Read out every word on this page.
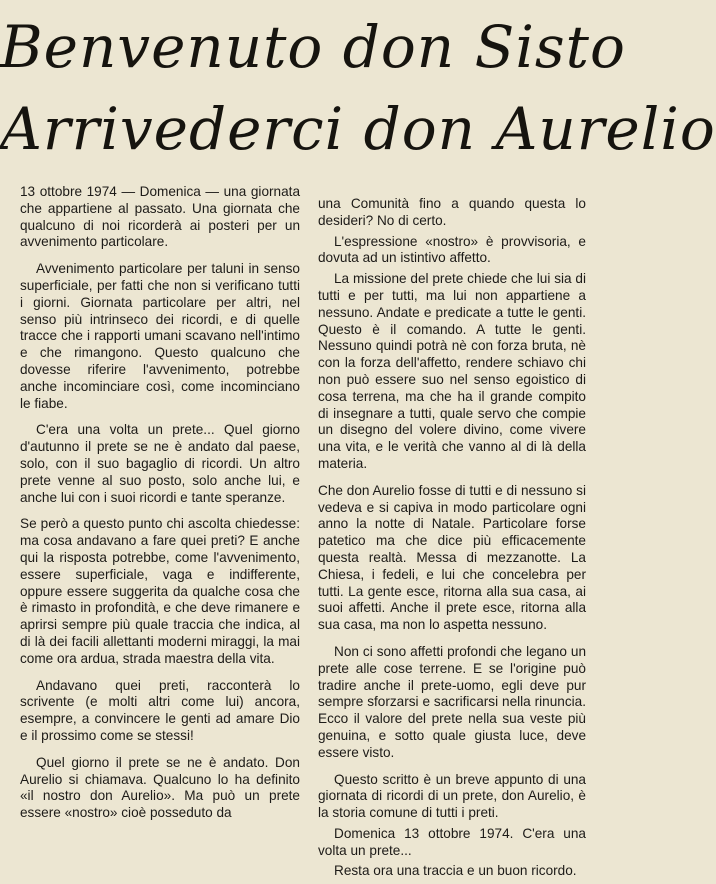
Benvenuto don Sisto
Arrivederci don Aurelio

13 ottobre 1974 — Domenica — una giornata che appartiene al passato. Una giornata che qualcuno di noi ricorderà ai posteri per un avvenimento particolare.

Avvenimento particolare per taluni in senso superficiale, per fatti che non si verificano tutti i giorni. Giornata particolare per altri, nel senso più intrinseco dei ricordi, e di quelle tracce che i rapporti umani scavano nell'intimo e che rimangono. Questo qualcuno che dovesse riferire l'avvenimento, potrebbe anche incominciare così, come incominciano le fiabe.

C'era una volta un prete... Quel giorno d'autunno il prete se ne è andato dal paese, solo, con il suo bagaglio di ricordi. Un altro prete venne al suo posto, solo anche lui, e anche lui con i suoi ricordi e tante speranze.

Se però a questo punto chi ascolta chiedesse: ma cosa andavano a fare quei preti? E anche qui la risposta potrebbe, come l'avvenimento, essere superficiale, vaga e indifferente, oppure essere suggerita da qualche cosa che è rimasto in profondità, e che deve rimanere e aprirsi sempre più quale traccia che indica, al di là dei facili allettanti moderni miraggi, la mai come ora ardua, strada maestra della vita.

Andavano quei preti, racconterà lo scrivente (e molti altri come lui) ancora, esempre, a convincere le genti ad amare Dio e il prossimo come se stessi!

Quel giorno il prete se ne è andato. Don Aurelio si chiamava. Qualcuno lo ha definito «il nostro don Aurelio». Ma può un prete essere «nostro» cioè posseduto da

una Comunità fino a quando questa lo desideri? No di certo.

L'espressione «nostro» è provvisoria, e dovuta ad un istintivo affetto.

La missione del prete chiede che lui sia di tutti e per tutti, ma lui non appartiene a nessuno. Andate e predicate a tutte le genti. Questo è il comando. A tutte le genti. Nessuno quindi potrà nè con forza bruta, nè con la forza dell'affetto, rendere schiavo chi non può essere suo nel senso egoistico di cosa terrena, ma che ha il grande compito di insegnare a tutti, quale servo che compie un disegno del volere divino, come vivere una vita, e le verità che vanno al di là della materia.

Che don Aurelio fosse di tutti e di nessuno si vedeva e si capiva in modo particolare ogni anno la notte di Natale. Particolare forse patetico ma che dice più efficacemente questa realtà. Messa di mezzanotte. La Chiesa, i fedeli, e lui che concelebra per tutti. La gente esce, ritorna alla sua casa, ai suoi affetti. Anche il prete esce, ritorna alla sua casa, ma non lo aspetta nessuno.

Non ci sono affetti profondi che legano un prete alle cose terrene. E se l'origine può tradire anche il prete-uomo, egli deve pur sempre sforzarsi e sacrificarsi nella rinuncia. Ecco il valore del prete nella sua veste più genuina, e sotto quale giusta luce, deve essere visto.

Questo scritto è un breve appunto di una giornata di ricordi di un prete, don Aurelio, è la storia comune di tutti i preti.

Domenica 13 ottobre 1974. C'era una volta un prete...

Resta ora una traccia e un buon ricordo.
